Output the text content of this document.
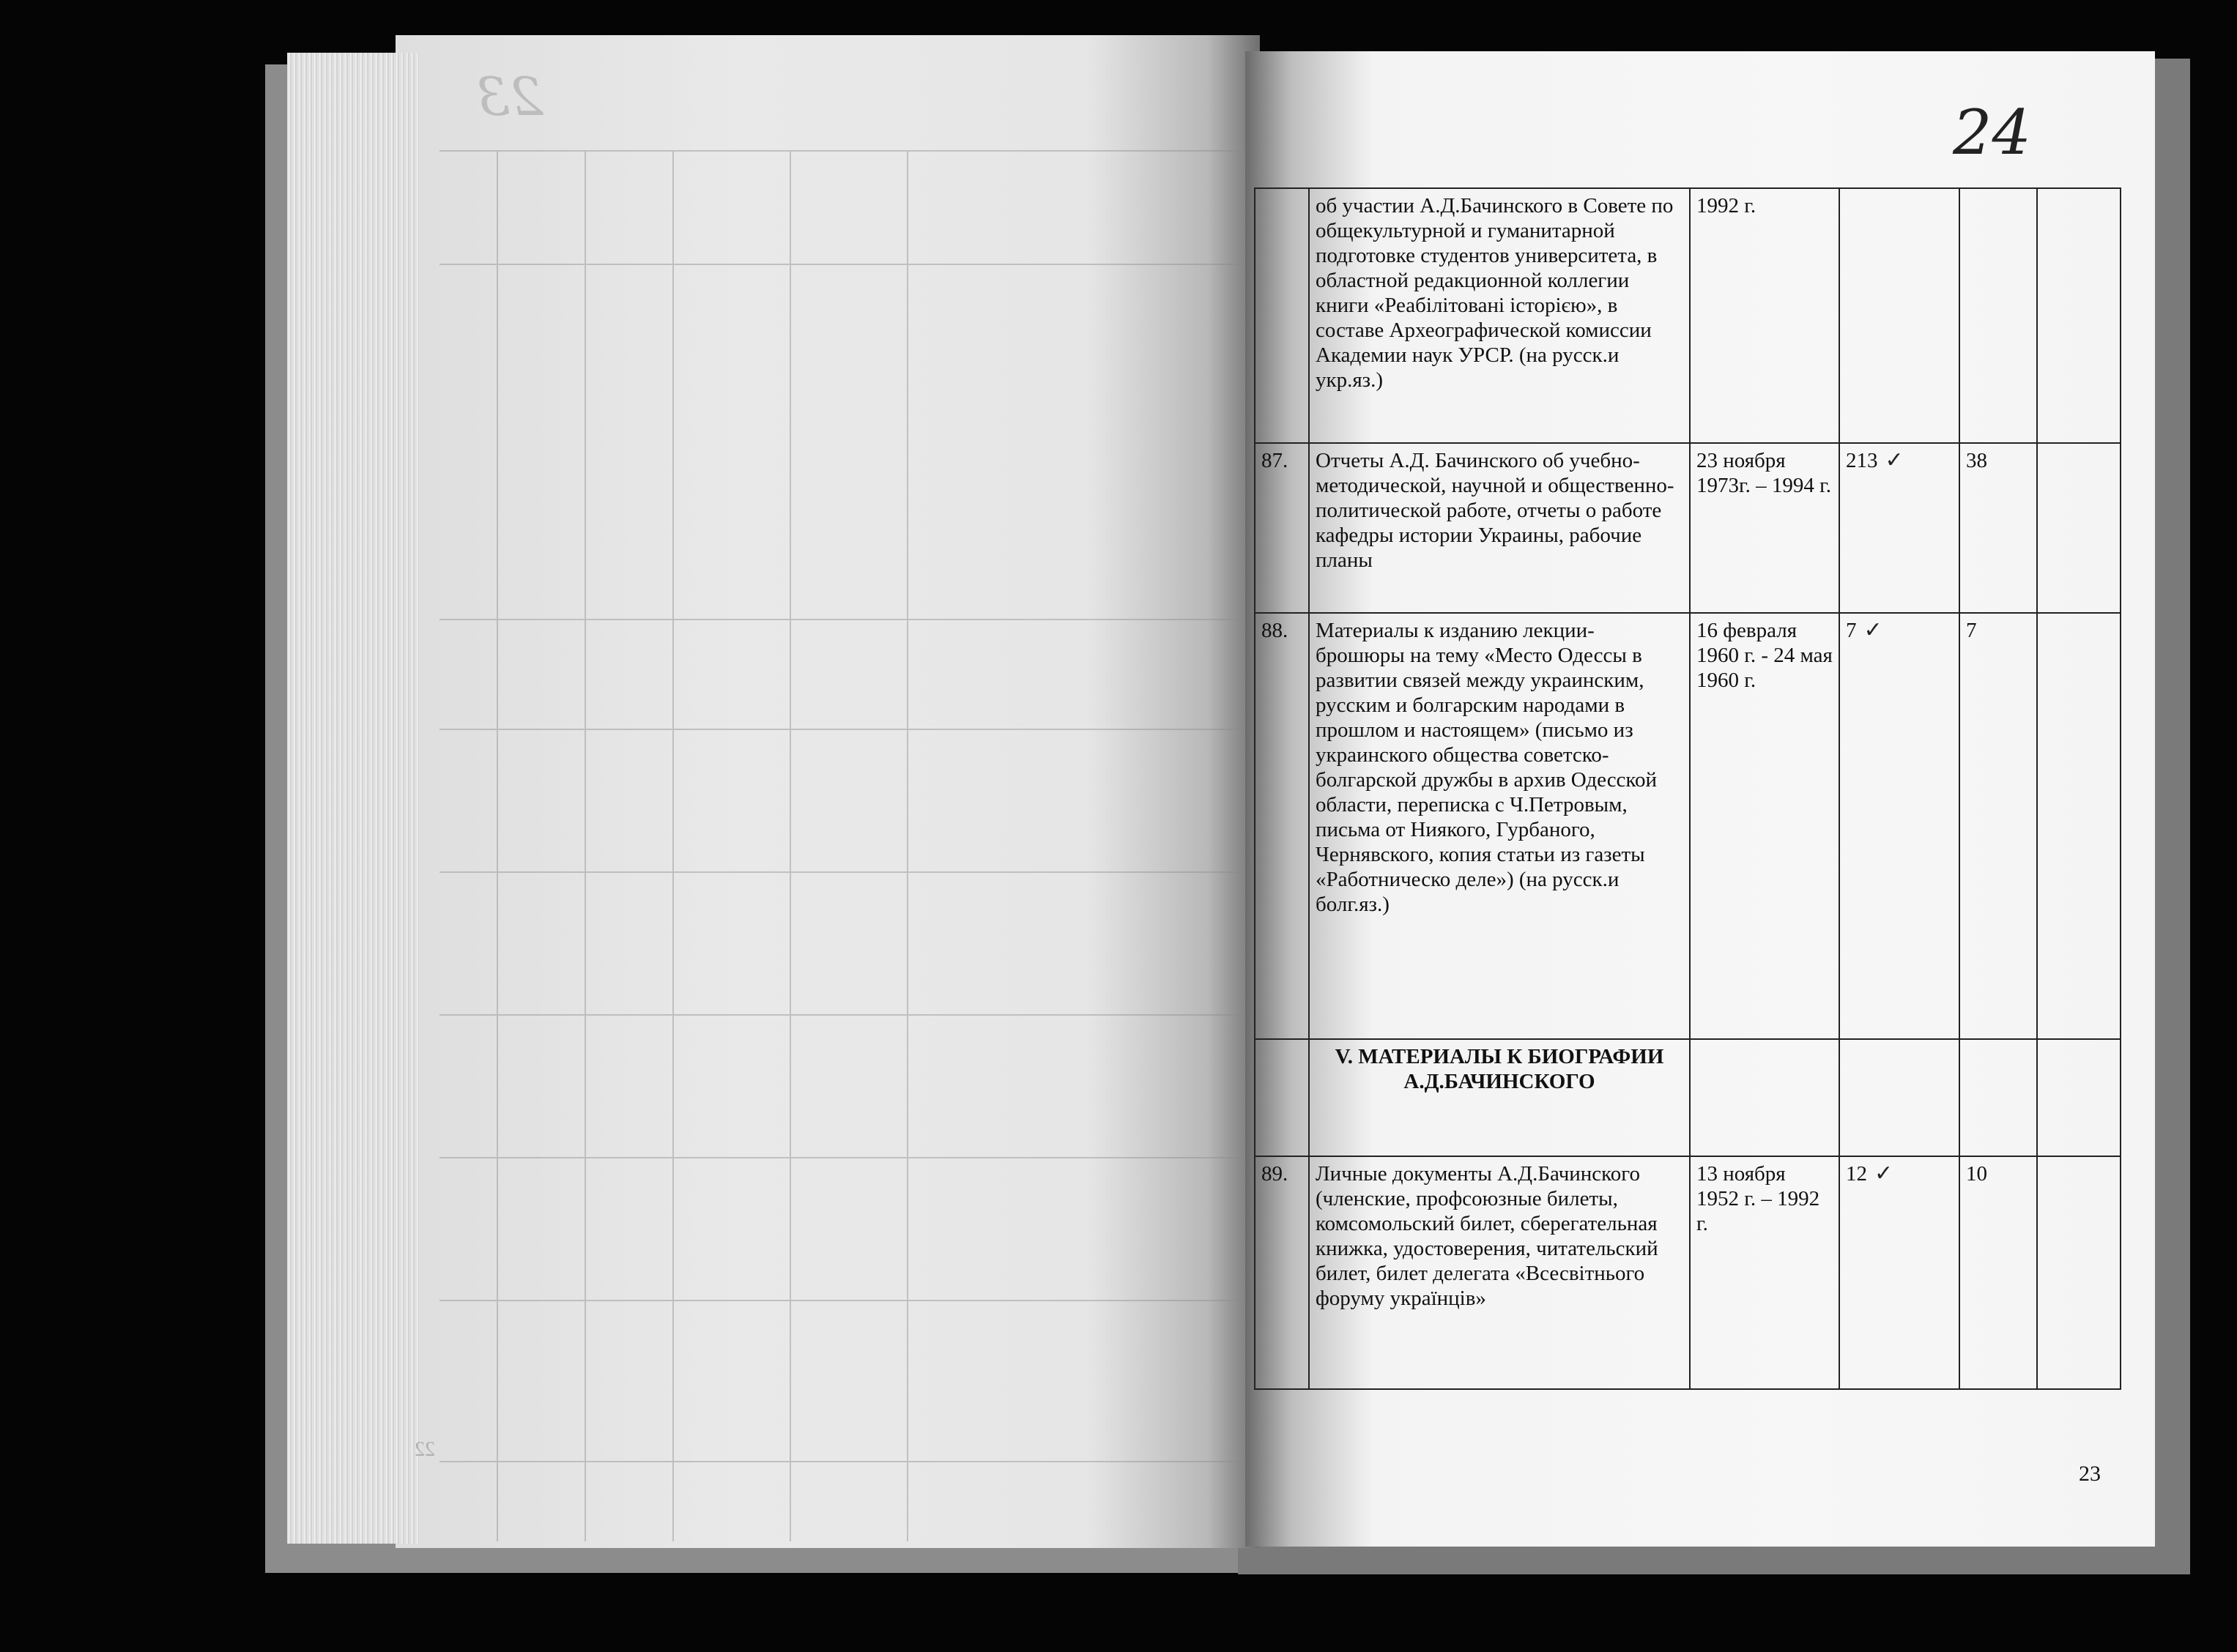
23
22
24
	об участии А.Д.Бачинского в Совете по общекультурной и гуманитарной подготовке студентов университета, в областной редакционной коллегии книги «Реабілітовані історією», в составе Археографической комиссии Академии наук УРСР. (на русск.и укр.яз.)	1992 г.			
87.	Отчеты А.Д. Бачинского об учебно-методической, научной и общественно-политической работе, отчеты о работе кафедры истории Украины, рабочие планы	23 ноября 1973г. – 1994 г.	213 ✓	38	
88.	Материалы к изданию лекции-брошюры на тему «Место Одессы в развитии связей между украинским, русским и болгарским народами в прошлом и настоящем» (письмо из украинского общества советско-болгарской дружбы в архив Одесской области, переписка с Ч.Петровым, письма от Ниякого, Гурбаного, Чернявского, копия статьи из газеты «Работническо деле») (на русск.и болг.яз.)	16 февраля 1960 г. - 24 мая 1960 г.	7 ✓	7	
	V. МАТЕРИАЛЫ К БИОГРАФИИ А.Д.БАЧИНСКОГО				
89.	Личные документы А.Д.Бачинского (членские, профсоюзные билеты, комсомольский билет, сберегательная книжка, удостоверения, читательский билет, билет делегата «Всесвітнього форуму українців»	13 ноября 1952 г. – 1992 г.	12 ✓	10	
23
